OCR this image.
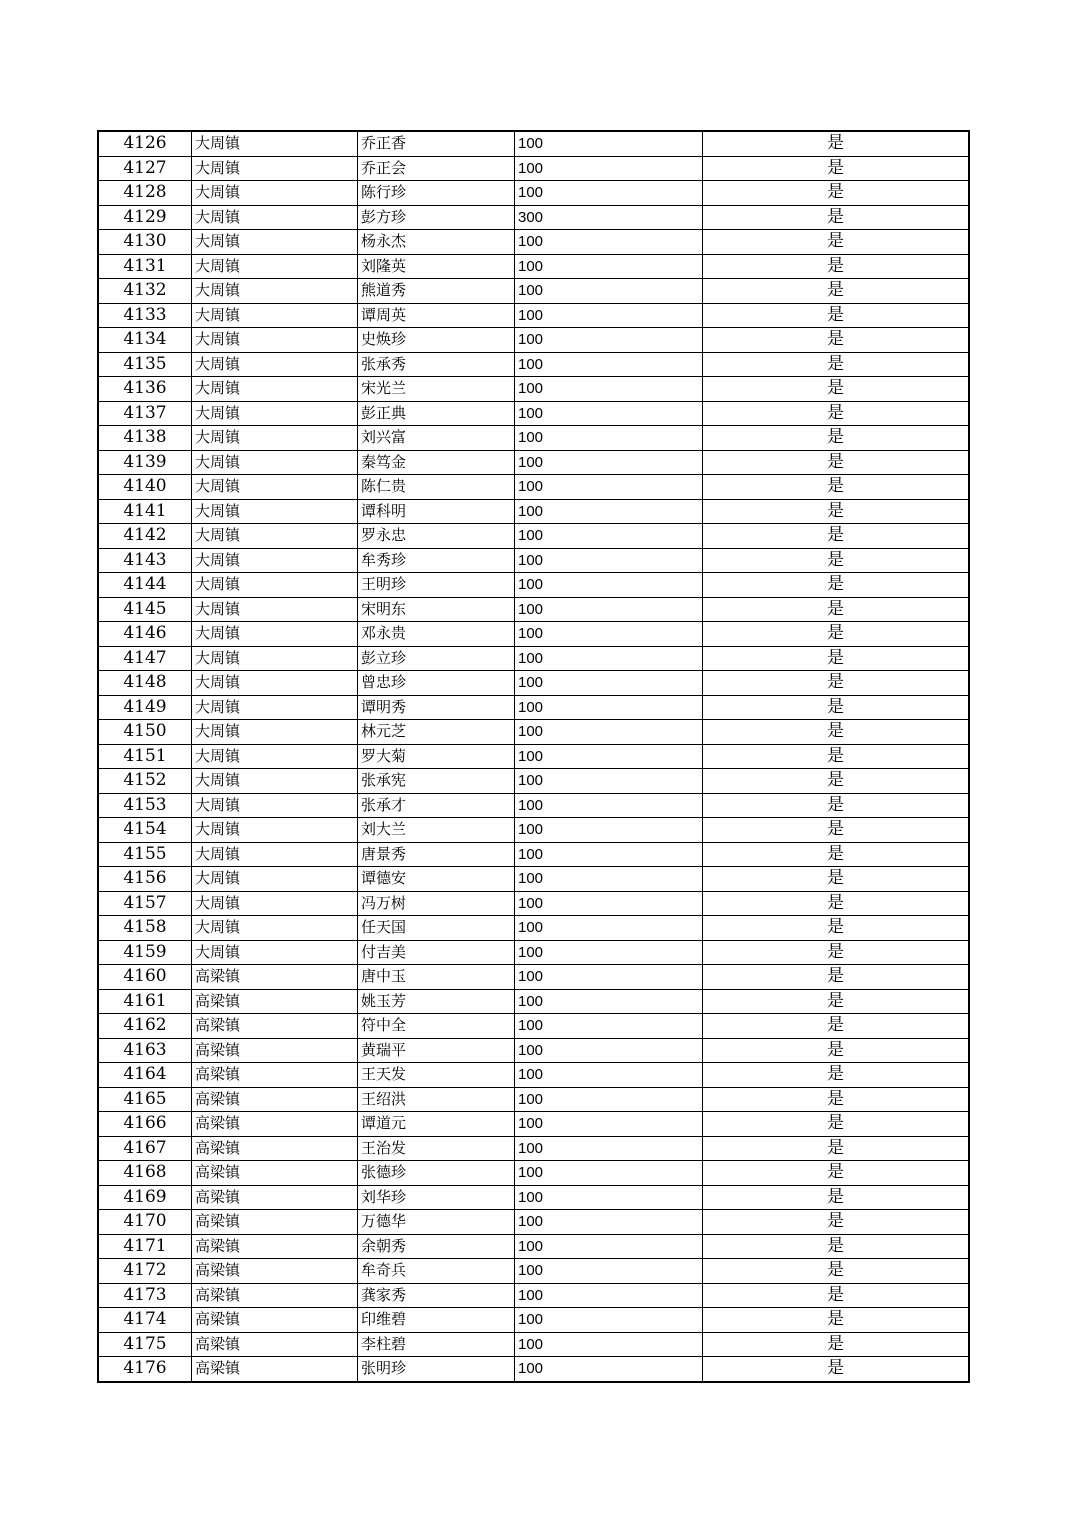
4126	大周镇	乔正香	100	是
4127	大周镇	乔正会	100	是
4128	大周镇	陈行珍	100	是
4129	大周镇	彭方珍	300	是
4130	大周镇	杨永杰	100	是
4131	大周镇	刘隆英	100	是
4132	大周镇	熊道秀	100	是
4133	大周镇	谭周英	100	是
4134	大周镇	史焕珍	100	是
4135	大周镇	张承秀	100	是
4136	大周镇	宋光兰	100	是
4137	大周镇	彭正典	100	是
4138	大周镇	刘兴富	100	是
4139	大周镇	秦笃金	100	是
4140	大周镇	陈仁贵	100	是
4141	大周镇	谭科明	100	是
4142	大周镇	罗永忠	100	是
4143	大周镇	牟秀珍	100	是
4144	大周镇	王明珍	100	是
4145	大周镇	宋明东	100	是
4146	大周镇	邓永贵	100	是
4147	大周镇	彭立珍	100	是
4148	大周镇	曾忠珍	100	是
4149	大周镇	谭明秀	100	是
4150	大周镇	林元芝	100	是
4151	大周镇	罗大菊	100	是
4152	大周镇	张承宪	100	是
4153	大周镇	张承才	100	是
4154	大周镇	刘大兰	100	是
4155	大周镇	唐景秀	100	是
4156	大周镇	谭德安	100	是
4157	大周镇	冯万树	100	是
4158	大周镇	任天国	100	是
4159	大周镇	付吉美	100	是
4160	高梁镇	唐中玉	100	是
4161	高梁镇	姚玉芳	100	是
4162	高梁镇	符中全	100	是
4163	高梁镇	黄瑞平	100	是
4164	高梁镇	王天发	100	是
4165	高梁镇	王绍洪	100	是
4166	高梁镇	谭道元	100	是
4167	高梁镇	王治发	100	是
4168	高梁镇	张德珍	100	是
4169	高梁镇	刘华珍	100	是
4170	高梁镇	万德华	100	是
4171	高梁镇	余朝秀	100	是
4172	高梁镇	牟奇兵	100	是
4173	高梁镇	龚家秀	100	是
4174	高梁镇	印维碧	100	是
4175	高梁镇	李柱碧	100	是
4176	高梁镇	张明珍	100	是
